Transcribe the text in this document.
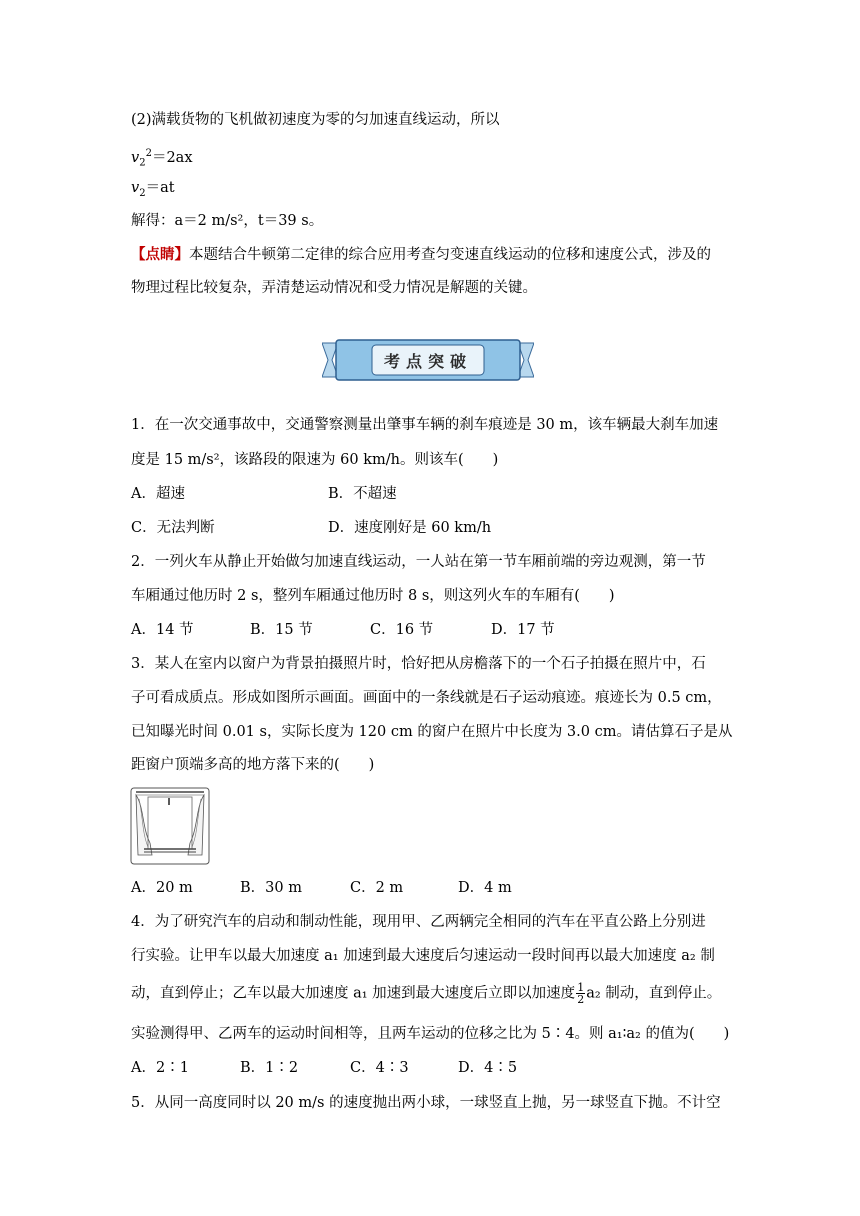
(2)满载货物的飞机做初速度为零的匀加速直线运动，所以
$v_2^2=2ax$
$v_2=at$
解得：a＝2 m/s²，t＝39 s。
【点睛】本题结合牛顿第二定律的综合应用考查匀变速直线运动的位移和速度公式，涉及的
物理过程比较复杂，弄清楚运动情况和受力情况是解题的关键。
考点突破
1．在一次交通事故中，交通警察测量出肇事车辆的刹车痕迹是 30 m，该车辆最大刹车加速
度是 15 m/s²，该路段的限速为 60 km/h。则该车(　　)
A．超速	B．不超速
C．无法判断	D．速度刚好是 60 km/h
2．一列火车从静止开始做匀加速直线运动，一人站在第一节车厢前端的旁边观测，第一节
车厢通过他历时 2 s，整列车厢通过他历时 8 s，则这列火车的车厢有(　　)
A．14 节	B．15 节	C．16 节	D．17 节
3．某人在室内以窗户为背景拍摄照片时，恰好把从房檐落下的一个石子拍摄在照片中，石
子可看成质点。形成如图所示画面。画面中的一条线就是石子运动痕迹。痕迹长为 0.5 cm，
已知曝光时间 0.01 s，实际长度为 120 cm 的窗户在照片中长度为 3.0 cm。请估算石子是从
距窗户顶端多高的地方落下来的(　　)
A．20 m	B．30 m	C．2 m	D．4 m
4．为了研究汽车的启动和制动性能，现用甲、乙两辆完全相同的汽车在平直公路上分别进
行实验。让甲车以最大加速度 a₁ 加速到最大速度后匀速运动一段时间再以最大加速度 a₂ 制
动，直到停止；乙车以最大加速度 a₁ 加速到最大速度后立即以加速度 $\frac{1}{2} a_2$ 制动，直到停止。
实验测得甲、乙两车的运动时间相等，且两车运动的位移之比为 5∶4。则 a₁∶a₂ 的值为(　　)
A．2∶1	B．1∶2	C．4∶3	D．4∶5
5．从同一高度同时以 20 m/s 的速度抛出两小球，一球竖直上抛，另一球竖直下抛。不计空
